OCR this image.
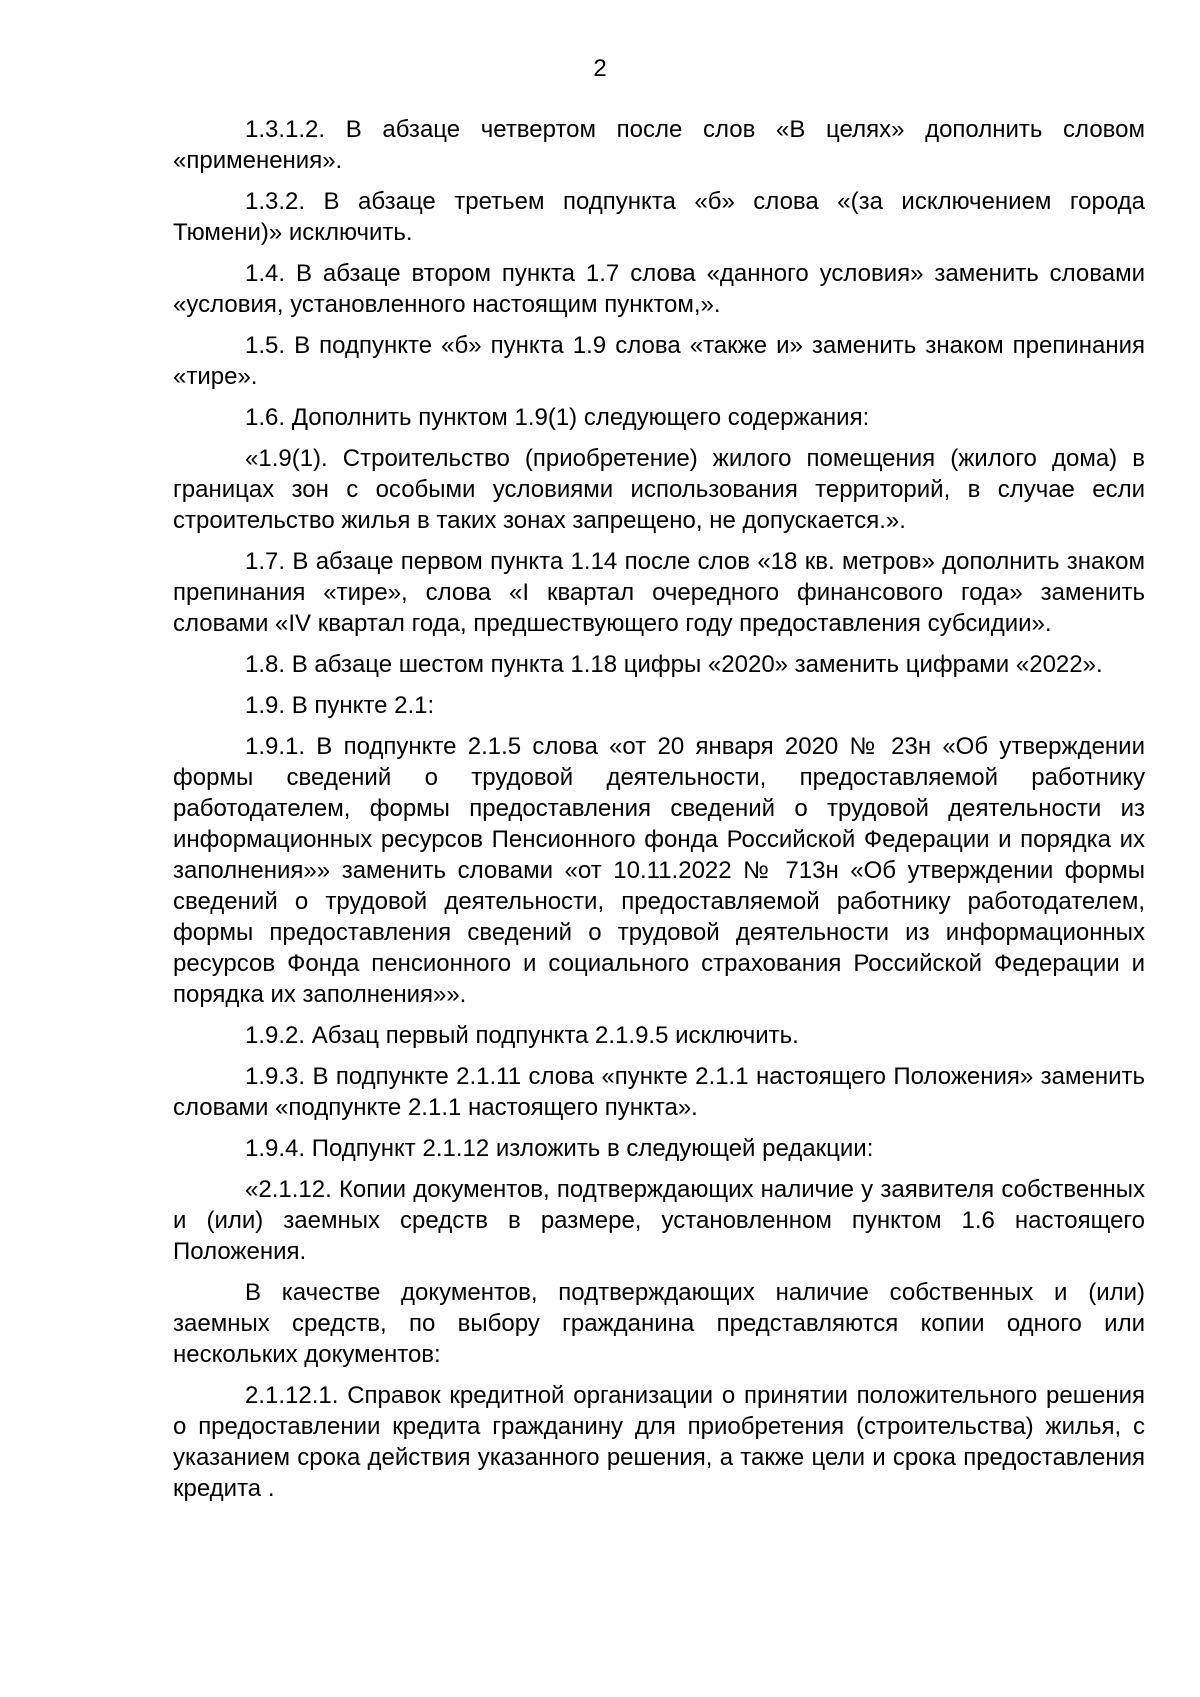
2

1.3.1.2. В абзаце четвертом после слов «В целях» дополнить словом «применения».

1.3.2. В абзаце третьем подпункта «б» слова «(за исключением города Тюмени)» исключить.

1.4. В абзаце втором пункта 1.7 слова «данного условия» заменить словами «условия, установленного настоящим пунктом,».

1.5. В подпункте «б» пункта 1.9 слова «также и» заменить знаком препинания «тире».

1.6. Дополнить пунктом 1.9(1) следующего содержания:

«1.9(1). Строительство (приобретение) жилого помещения (жилого дома) в границах зон с особыми условиями использования территорий, в случае если строительство жилья в таких зонах запрещено, не допускается.».

1.7. В абзаце первом пункта 1.14 после слов «18 кв. метров» дополнить знаком препинания «тире», слова «I квартал очередного финансового года» заменить словами «IV квартал года, предшествующего году предоставления субсидии».

1.8. В абзаце шестом пункта 1.18 цифры «2020» заменить цифрами «2022».

1.9. В пункте 2.1:

1.9.1. В подпункте 2.1.5 слова «от 20 января 2020 № 23н «Об утверждении формы сведений о трудовой деятельности, предоставляемой работнику работодателем, формы предоставления сведений о трудовой деятельности из информационных ресурсов Пенсионного фонда Российской Федерации и порядка их заполнения»» заменить словами «от 10.11.2022 № 713н «Об утверждении формы сведений о трудовой деятельности, предоставляемой работнику работодателем, формы предоставления сведений о трудовой деятельности из информационных ресурсов Фонда пенсионного и социального страхования Российской Федерации и порядка их заполнения»».

1.9.2. Абзац первый подпункта 2.1.9.5 исключить.

1.9.3. В подпункте 2.1.11 слова «пункте 2.1.1 настоящего Положения» заменить словами «подпункте 2.1.1 настоящего пункта».

1.9.4. Подпункт 2.1.12 изложить в следующей редакции:

«2.1.12. Копии документов, подтверждающих наличие у заявителя собственных и (или) заемных средств в размере, установленном пунктом 1.6 настоящего Положения.

В качестве документов, подтверждающих наличие собственных и (или) заемных средств, по выбору гражданина представляются копии одного или нескольких документов:

2.1.12.1. Справок кредитной организации о принятии положительного решения о предоставлении кредита гражданину для приобретения (строительства) жилья, с указанием срока действия указанного решения, а также цели и срока предоставления кредита .
